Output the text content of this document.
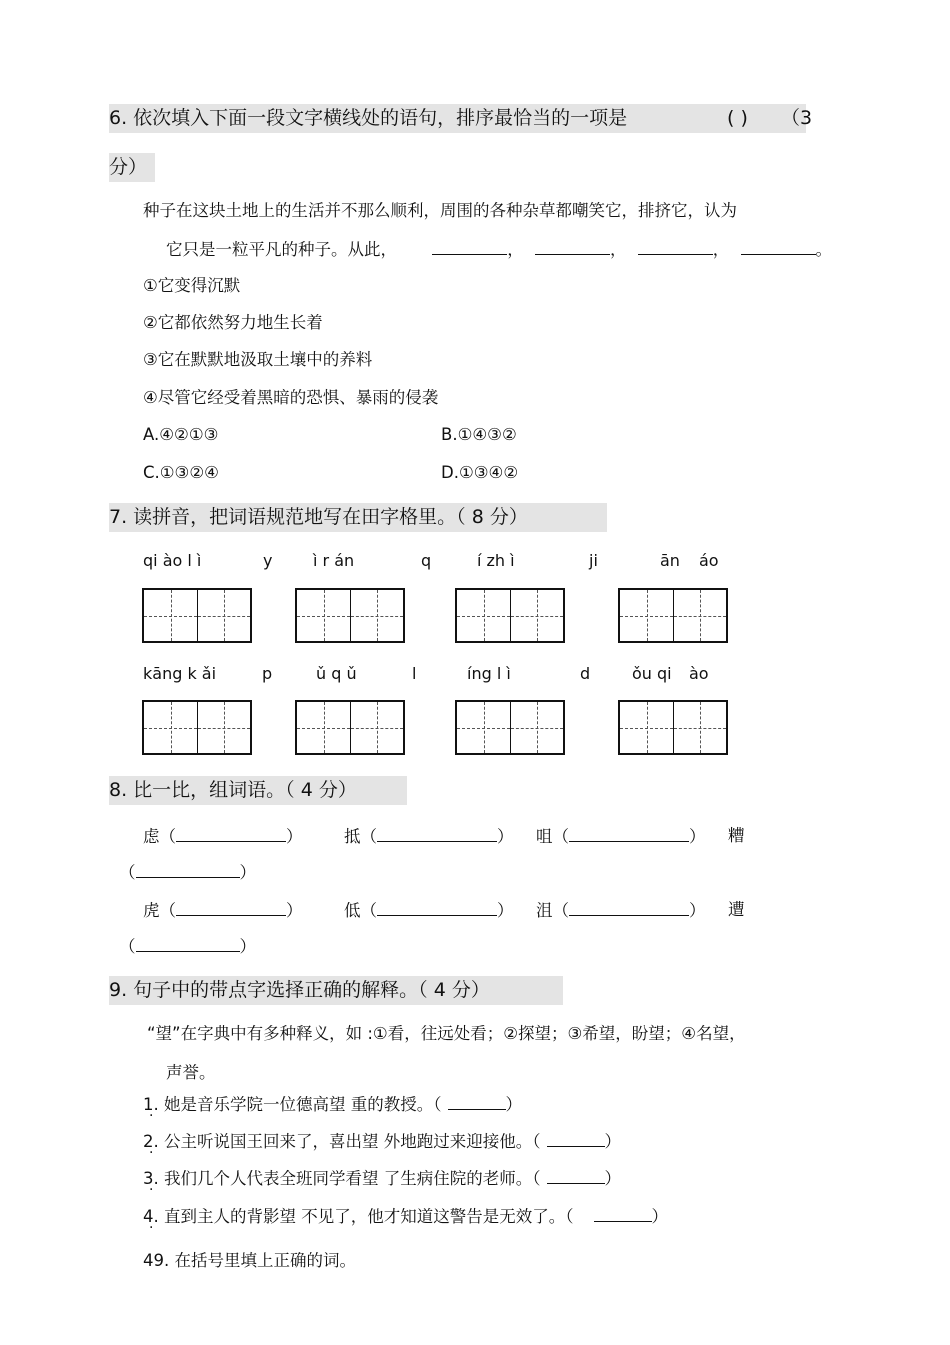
6. 依次填入下面一段文字横线处的语句，排序最恰当的一项是	( ) （3
分）
种子在这块土地上的生活并不那么顺利，周围的各种杂草都嘲笑它，排挤它，认为
它只是一粒平凡的种子。从此，	，	，	，	。
①它变得沉默
②它都依然努力地生长着
③它在默默地汲取土壤中的养料
④尽管它经受着黑暗的恐惧、暴雨的侵袭
A.④②①③	B.①④③②
C.①③②④	D.①③④②
7. 读拼音，把词语规范地写在田字格里。（ 8 分）
qi ào l ì	y	ì r án	q	í zh ì	ji	ān áo
kāng k ǎi	p	ǔ q ǔ	l	íng l ì	d	ǒu qi ào
8. 比一比，组词语。（ 4 分）
虑（	）	抵（	） 咀（	） 糟
（	）
虎（	）	低（	） 沮（	） 遭
（	）
9. 句子中的带点字选择正确的解释。（ 4 分）
“望”在字典中有多种释义，如 :①看，往远处看；②探望；③希望，盼望；④名望，
声誉。
1. 她是音乐学院一位德高望 . 重的教授。（	）
2. 公主听说国王回来了，喜出望 . 外地跑过来迎接他。（	）
3. 我们几个人代表全班同学看望 . 了生病住院的老师。（	）
4. 直到主人的背影望 . 不见了，他才知道这警告是无效了。（	）
49. 在括号里填上正确的词。
